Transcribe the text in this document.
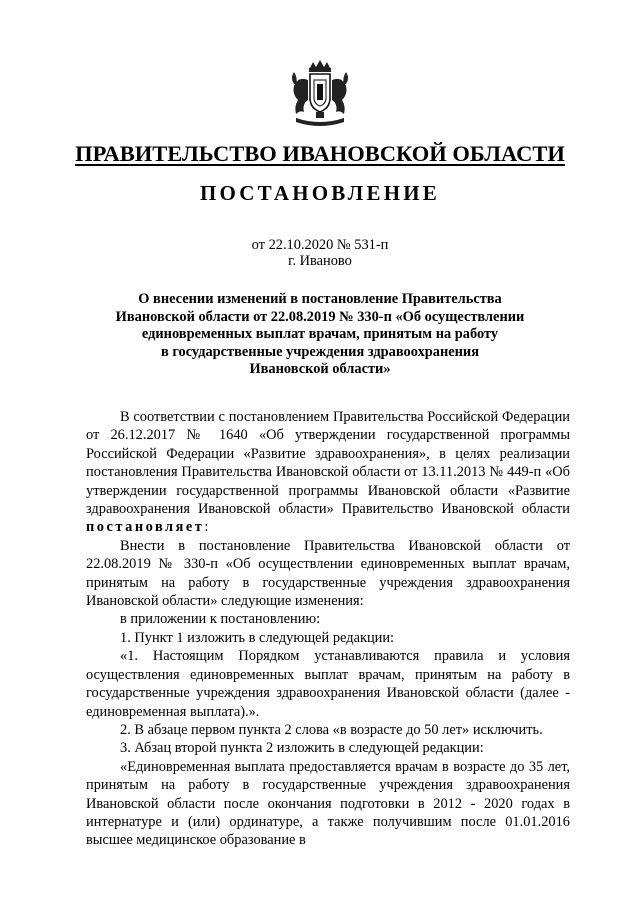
ПРАВИТЕЛЬСТВО ИВАНОВСКОЙ ОБЛАСТИ
ПОСТАНОВЛЕНИЕ
от 22.10.2020 № 531-п
г. Иваново
О внесении изменений в постановление Правительства
Ивановской области от 22.08.2019 № 330-п «Об осуществлении
единовременных выплат врачам, принятым на работу
в государственные учреждения здравоохранения
Ивановской области»

В соответствии с постановлением Правительства Российской Федерации от 26.12.2017 № 1640 «Об утверждении государственной программы Российской Федерации «Развитие здравоохранения», в целях реализации постановления Правительства Ивановской области от 13.11.2013 № 449-п «Об утверждении государственной программы Ивановской области «Развитие здравоохранения Ивановской области» Правительство Ивановской области постановляет:

Внести в постановление Правительства Ивановской области от 22.08.2019 № 330-п «Об осуществлении единовременных выплат врачам, принятым на работу в государственные учреждения здравоохранения Ивановской области» следующие изменения:

в приложении к постановлению:

1. Пункт 1 изложить в следующей редакции:

«1. Настоящим Порядком устанавливаются правила и условия осуществления единовременных выплат врачам, принятым на работу в государственные учреждения здравоохранения Ивановской области (далее - единовременная выплата).».

2. В абзаце первом пункта 2 слова «в возрасте до 50 лет» исключить.

3. Абзац второй пункта 2 изложить в следующей редакции:

«Единовременная выплата предоставляется врачам в возрасте до 35 лет, принятым на работу в государственные учреждения здравоохранения Ивановской области после окончания подготовки в 2012 - 2020 годах в интернатуре и (или) ординатуре, а также получившим после 01.01.2016 высшее медицинское образование в
